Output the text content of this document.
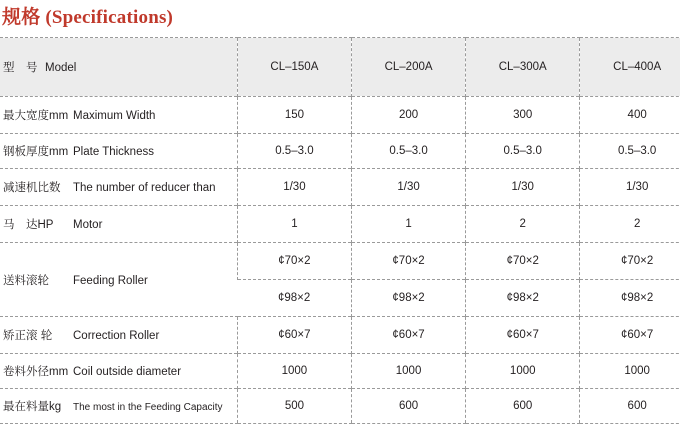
规格 (Specifications)
型　号 Model	CL–150A	CL–200A	CL–300A	CL–400A
最大宽度mm Maximum Width	150	200	300	400
钢板厚度mm Plate Thickness	0.5–3.0	0.5–3.0	0.5–3.0	0.5–3.0
减速机比数 The number of reducer than	1/30	1/30	1/30	1/30
马　达HP Motor	1	1	2	2
送料滚轮 Feeding Roller	¢70×2	¢70×2	¢70×2	¢70×2
	¢98×2	¢98×2	¢98×2	¢98×2
矫正滚 轮 Correction Roller	¢60×7	¢60×7	¢60×7	¢60×7
卷料外径mm Coil outside diameter	1000	1000	1000	1000
最在料量kg The most in the Feeding Capacity	500	600	600	600
